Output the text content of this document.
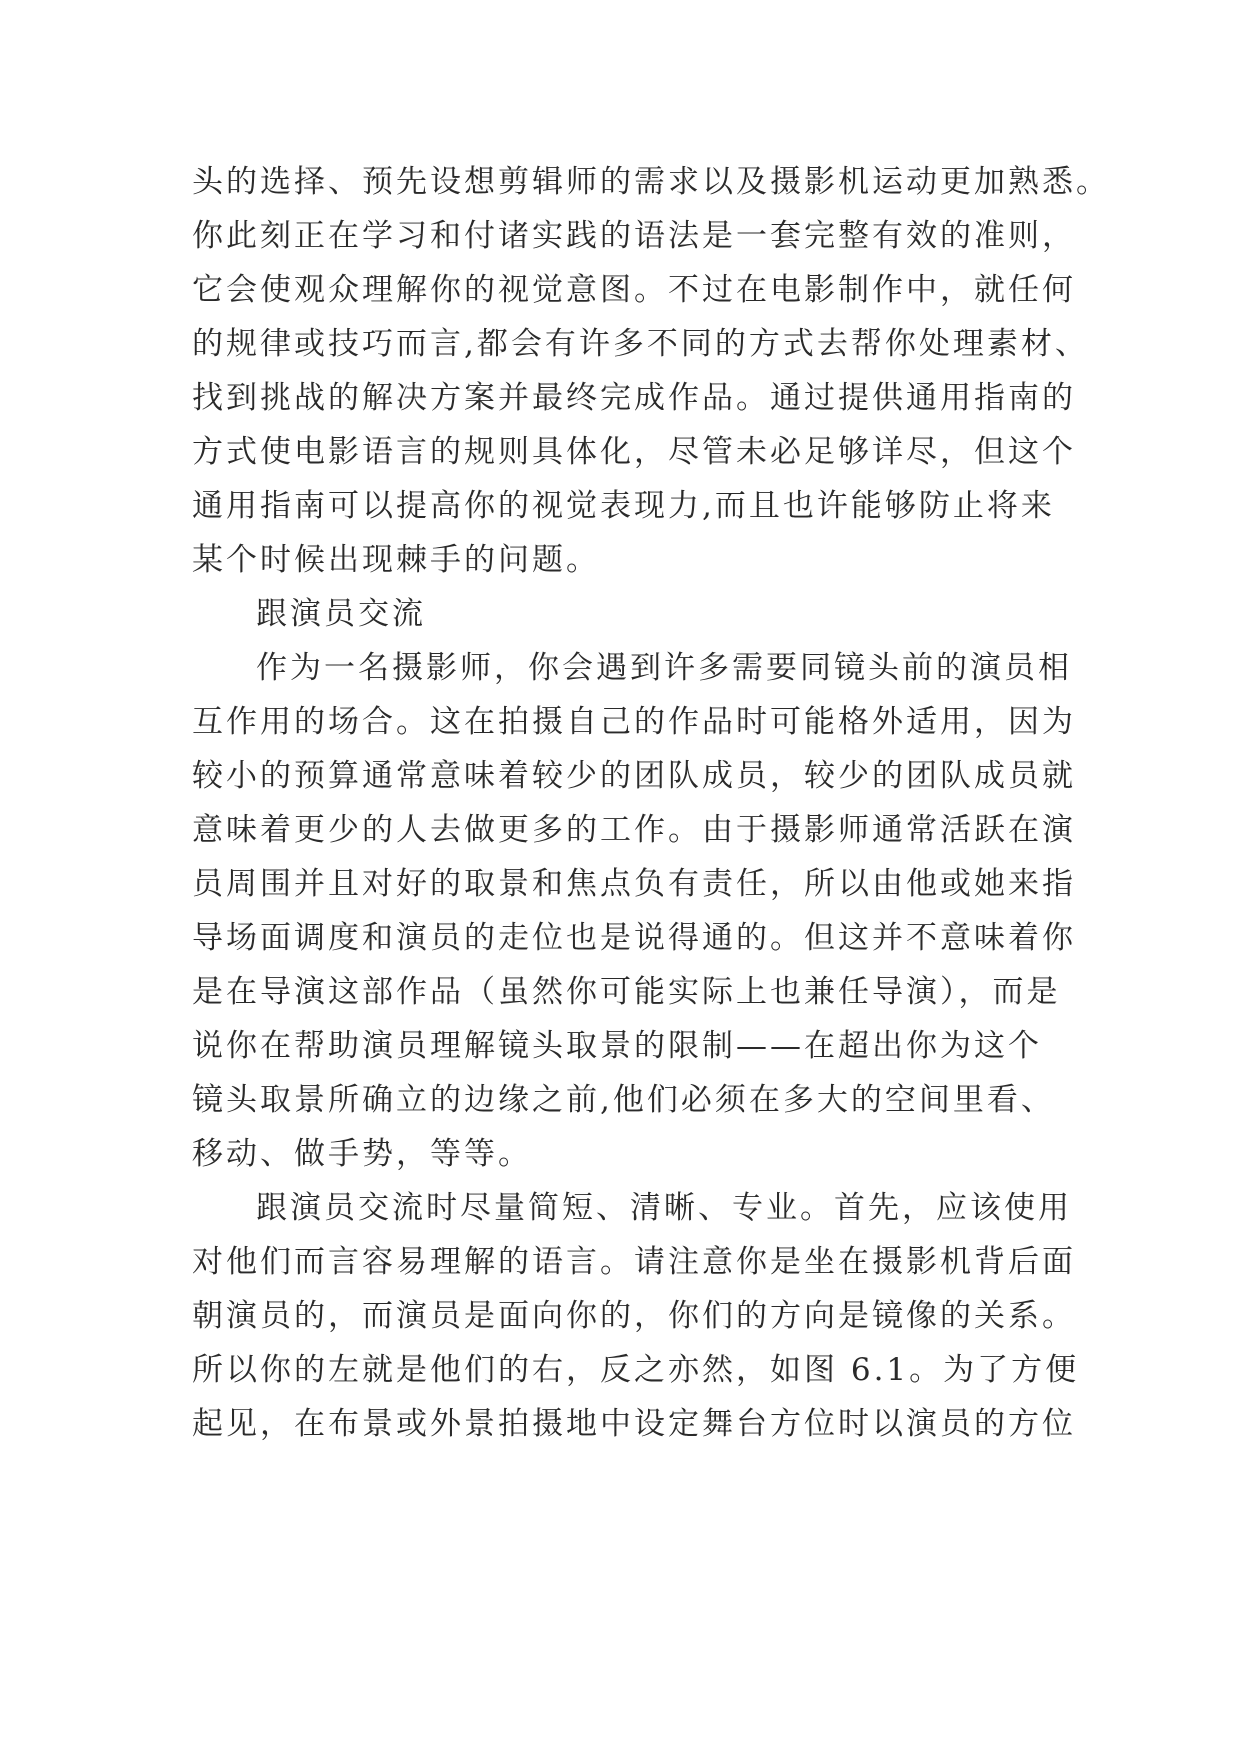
头的选择、预先设想剪辑师的需求以及摄影机运动更加熟悉。
你此刻正在学习和付诸实践的语法是一套完整有效的准则，
它会使观众理解你的视觉意图。不过在电影制作中，就任何
的规律或技巧而言,都会有许多不同的方式去帮你处理素材、
找到挑战的解决方案并最终完成作品。通过提供通用指南的
方式使电影语言的规则具体化，尽管未必足够详尽，但这个
通用指南可以提高你的视觉表现力,而且也许能够防止将来
某个时候出现棘手的问题。
跟演员交流
作为一名摄影师，你会遇到许多需要同镜头前的演员相
互作用的场合。这在拍摄自己的作品时可能格外适用，因为
较小的预算通常意味着较少的团队成员，较少的团队成员就
意味着更少的人去做更多的工作。由于摄影师通常活跃在演
员周围并且对好的取景和焦点负有责任，所以由他或她来指
导场面调度和演员的走位也是说得通的。但这并不意味着你
是在导演这部作品（虽然你可能实际上也兼任导演），而是
说你在帮助演员理解镜头取景的限制——在超出你为这个
镜头取景所确立的边缘之前,他们必须在多大的空间里看、
移动、做手势，等等。
跟演员交流时尽量简短、清晰、专业。首先，应该使用
对他们而言容易理解的语言。请注意你是坐在摄影机背后面
朝演员的，而演员是面向你的，你们的方向是镜像的关系。
所以你的左就是他们的右，反之亦然，如图 6.1。为了方便
起见，在布景或外景拍摄地中设定舞台方位时以演员的方位
